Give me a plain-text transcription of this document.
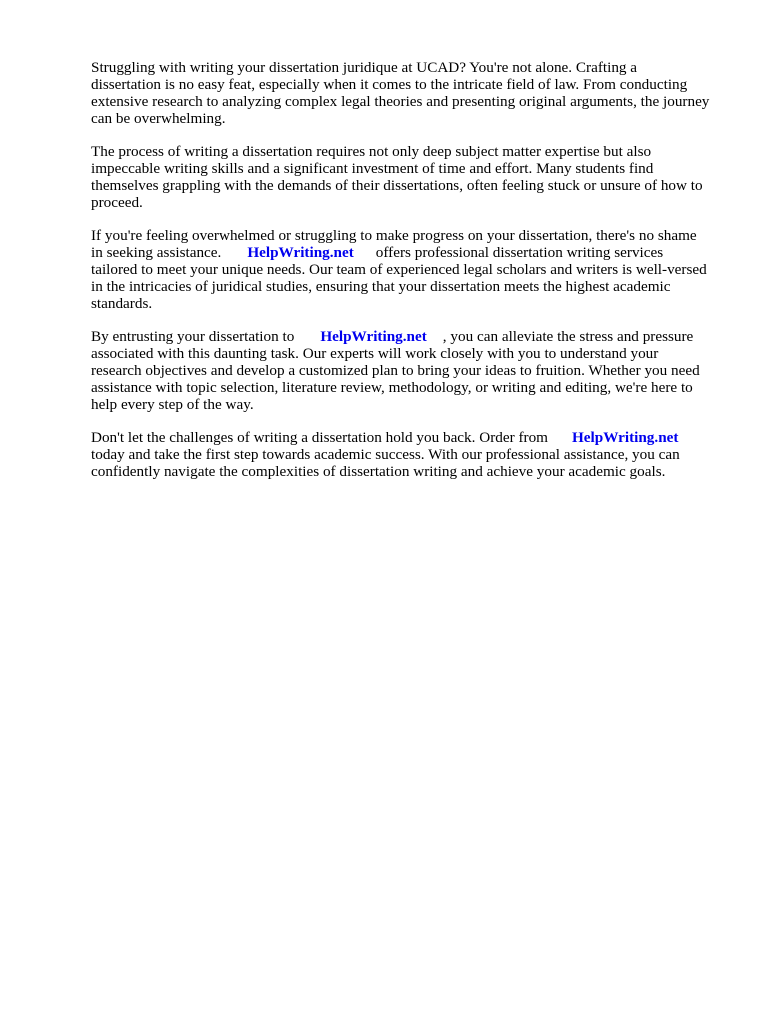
Struggling with writing your dissertation juridique at UCAD? You're not alone. Crafting a
dissertation is no easy feat, especially when it comes to the intricate field of law. From conducting
extensive research to analyzing complex legal theories and presenting original arguments, the journey
can be overwhelming.

The process of writing a dissertation requires not only deep subject matter expertise but also
impeccable writing skills and a significant investment of time and effort. Many students find
themselves grappling with the demands of their dissertations, often feeling stuck or unsure of how to
proceed.

If you're feeling overwhelmed or struggling to make progress on your dissertation, there's no shame
in seeking assistance. HelpWriting.net offers professional dissertation writing services
tailored to meet your unique needs. Our team of experienced legal scholars and writers is well-versed
in the intricacies of juridical studies, ensuring that your dissertation meets the highest academic
standards.

By entrusting your dissertation to HelpWriting.net , you can alleviate the stress and pressure
associated with this daunting task. Our experts will work closely with you to understand your
research objectives and develop a customized plan to bring your ideas to fruition. Whether you need
assistance with topic selection, literature review, methodology, or writing and editing, we're here to
help every step of the way.

Don't let the challenges of writing a dissertation hold you back. Order from HelpWriting.net
today and take the first step towards academic success. With our professional assistance, you can
confidently navigate the complexities of dissertation writing and achieve your academic goals.
